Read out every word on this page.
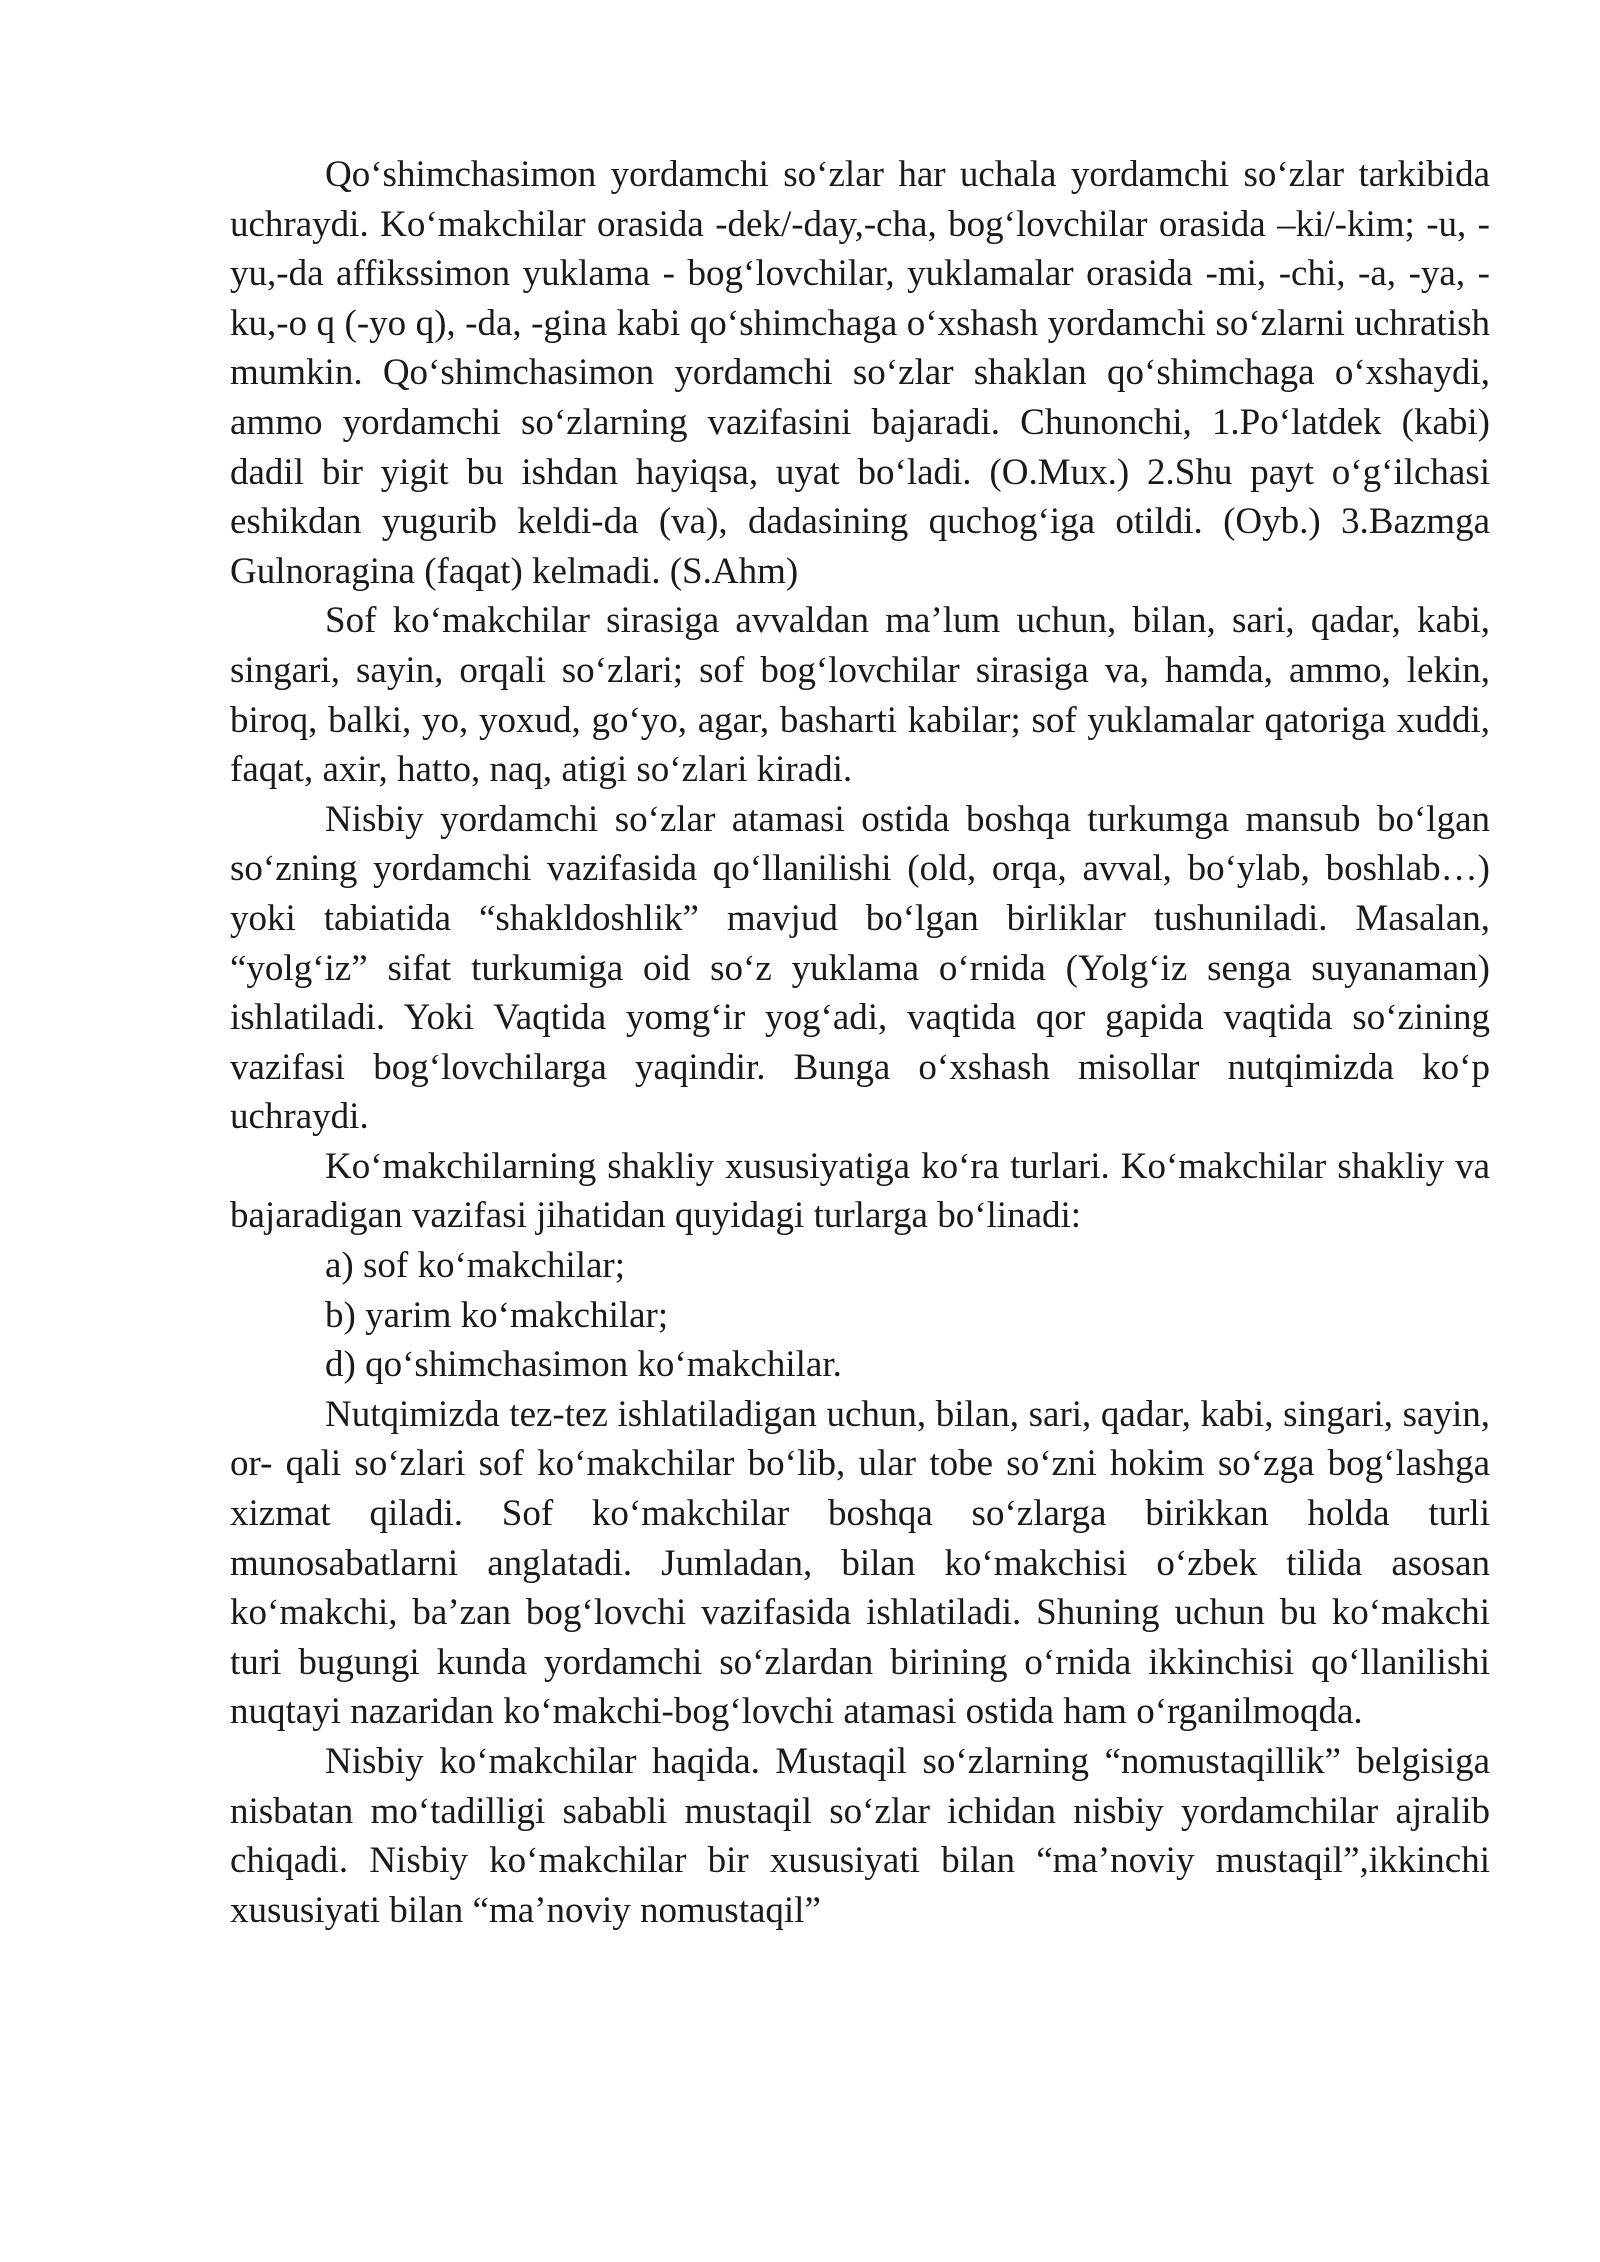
Qo‘shimchasimon yordamchi so‘zlar har uchala yordamchi so‘zlar tarkibida uchraydi. Ko‘makchilar orasida -dek/-day,-cha, bog‘lovchilar orasida –ki/-kim; -u, -yu,-da affikssimon yuklama - bog‘lovchilar, yuklamalar orasida -mi, -chi, -a, -ya, -ku,-o q (-yo q), -da, -gina kabi qo‘shimchaga o‘xshash yordamchi so‘zlarni uchratish mumkin. Qo‘shimchasimon yordamchi so‘zlar shaklan qo‘shimchaga o‘xshaydi, ammo yordamchi so‘zlarning vazifasini bajaradi. Chunonchi, 1.Po‘latdek (kabi) dadil bir yigit bu ishdan hayiqsa, uyat bo‘ladi. (O.Mux.) 2.Shu payt o‘g‘ilchasi eshikdan yugurib keldi-da (va), dadasining quchog‘iga otildi. (Oyb.) 3.Bazmga Gulnoragina (faqat) kelmadi. (S.Ahm)

Sof ko‘makchilar sirasiga avvaldan ma’lum uchun, bilan, sari, qadar, kabi, singari, sayin, orqali so‘zlari; sof bog‘lovchilar sirasiga va, hamda, ammo, lekin, biroq, balki, yo, yoxud, go‘yo, agar, basharti kabilar; sof yuklamalar qatoriga xuddi, faqat, axir, hatto, naq, atigi so‘zlari kiradi.

Nisbiy yordamchi so‘zlar atamasi ostida boshqa turkumga mansub bo‘lgan so‘zning yordamchi vazifasida qo‘llanilishi (old, orqa, avval, bo‘ylab, boshlab…) yoki tabiatida “shakldoshlik” mavjud bo‘lgan birliklar tushuniladi. Masalan, “yolg‘iz” sifat turkumiga oid so‘z yuklama o‘rnida (Yolg‘iz senga suyanaman) ishlatiladi. Yoki Vaqtida yomg‘ir yog‘adi, vaqtida qor gapida vaqtida so‘zining vazifasi bog‘lovchilarga yaqindir. Bunga o‘xshash misollar nutqimizda ko‘p uchraydi.

Ko‘makchilarning shakliy xususiyatiga ko‘ra turlari. Ko‘makchilar shakliy va bajaradigan vazifasi jihatidan quyidagi turlarga bo‘linadi:

a) sof ko‘makchilar;

b) yarim ko‘makchilar;

d) qo‘shimchasimon ko‘makchilar.

Nutqimizda tez-tez ishlatiladigan uchun, bilan, sari, qadar, kabi, singari, sayin, or- qali so‘zlari sof ko‘makchilar bo‘lib, ular tobe so‘zni hokim so‘zga bog‘lashga xizmat qiladi. Sof ko‘makchilar boshqa so‘zlarga birikkan holda turli munosabatlarni anglatadi. Jumladan, bilan ko‘makchisi o‘zbek tilida asosan ko‘makchi, ba’zan bog‘lovchi vazifasida ishlatiladi. Shuning uchun bu ko‘makchi turi bugungi kunda yordamchi so‘zlardan birining o‘rnida ikkinchisi qo‘llanilishi nuqtayi nazaridan ko‘makchi-bog‘lovchi atamasi ostida ham o‘rganilmoqda.

Nisbiy ko‘makchilar haqida. Mustaqil so‘zlarning “nomustaqillik” belgisiga nisbatan mo‘tadilligi sababli mustaqil so‘zlar ichidan nisbiy yordamchilar ajralib chiqadi. Nisbiy ko‘makchilar bir xususiyati bilan “ma’noviy mustaqil”,ikkinchi xususiyati bilan “ma’noviy nomustaqil”
